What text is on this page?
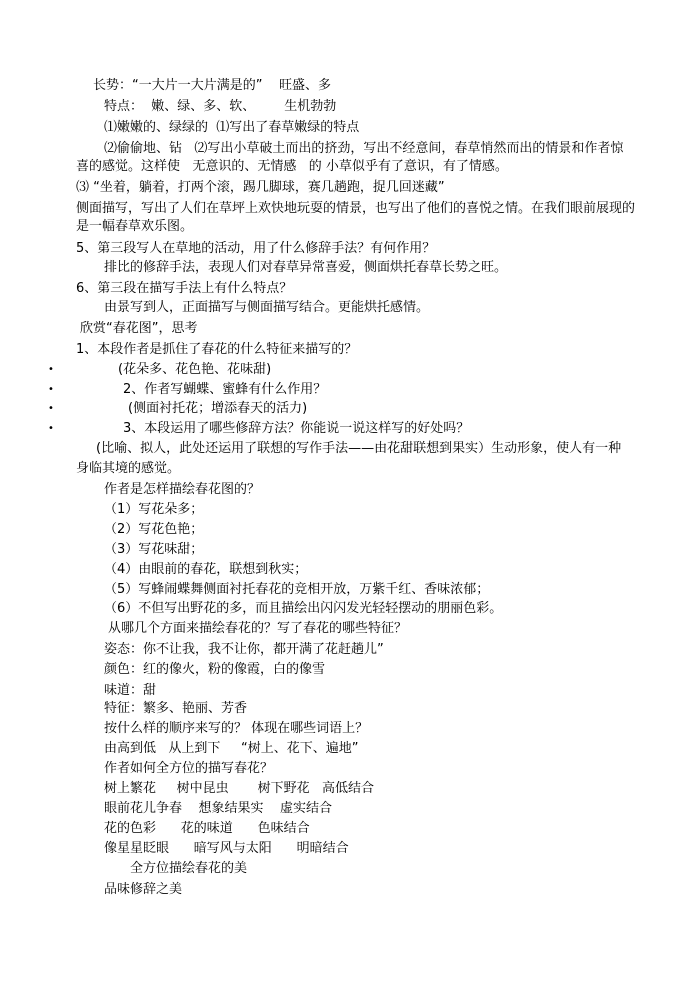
•
•
•
•
长势：“一大片一大片满是的”    旺盛、多
特点：  嫩、绿、多、软、       生机勃勃
⑴嫩嫩的、绿绿的  ⑴写出了春草嫩绿的特点
⑵偷偷地、钻   ⑵写出小草破土而出的挤劲，写出不经意间，春草悄然而出的情景和作者惊
喜的感觉。这样使   无意识的、无情感   的 小草似乎有了意识，有了情感。
⑶ “坐着，躺着，打两个滚，踢几脚球，赛几趟跑，捉几回迷藏”
侧面描写，写出了人们在草坪上欢快地玩耍的情景，也写出了他们的喜悦之情。在我们眼前展现的
是一幅春草欢乐图。
5、第三段写人在草地的活动，用了什么修辞手法？有何作用？
排比的修辞手法，表现人们对春草异常喜爱，侧面烘托春草长势之旺。
6、第三段在描写手法上有什么特点？
由景写到人，正面描写与侧面描写结合。更能烘托感情。
欣赏“春花图”，思考
1、本段作者是抓住了春花的什么特征来描写的？
(花朵多、花色艳、花味甜)
2、作者写蝴蝶、蜜蜂有什么作用？
(侧面衬托花；增添春天的活力)
3、本段运用了哪些修辞方法？你能说一说这样写的好处吗？
(比喻、拟人，此处还运用了联想的写作手法——由花甜联想到果实）生动形象，使人有一种
身临其境的感觉。
作者是怎样描绘春花图的？
（1）写花朵多；
（2）写花色艳；
（3）写花味甜；
（4）由眼前的春花，联想到秋实；
（5）写蜂闹蝶舞侧面衬托春花的竞相开放，万紫千红、香味浓郁；
（6）不但写出野花的多，而且描绘出闪闪发光轻轻摆动的朋丽色彩。
从哪几个方面来描绘春花的？写了春花的哪些特征？
姿态：你不让我，我不让你，都开满了花赶趟儿”
颜色：红的像火，粉的像霞，白的像雪
味道：甜
特征：繁多、艳丽、芳香
按什么样的顺序来写的？ 体现在哪些词语上？
由高到低   从上到下     “树上、花下、遍地”
作者如何全方位的描写春花？
树上繁花     树中昆虫       树下野花   高低结合
眼前花儿争春    想象结果实    虚实结合
花的色彩      花的味道      色味结合
像星星眨眼      暗写风与太阳      明暗结合
全方位描绘春花的美
品味修辞之美
